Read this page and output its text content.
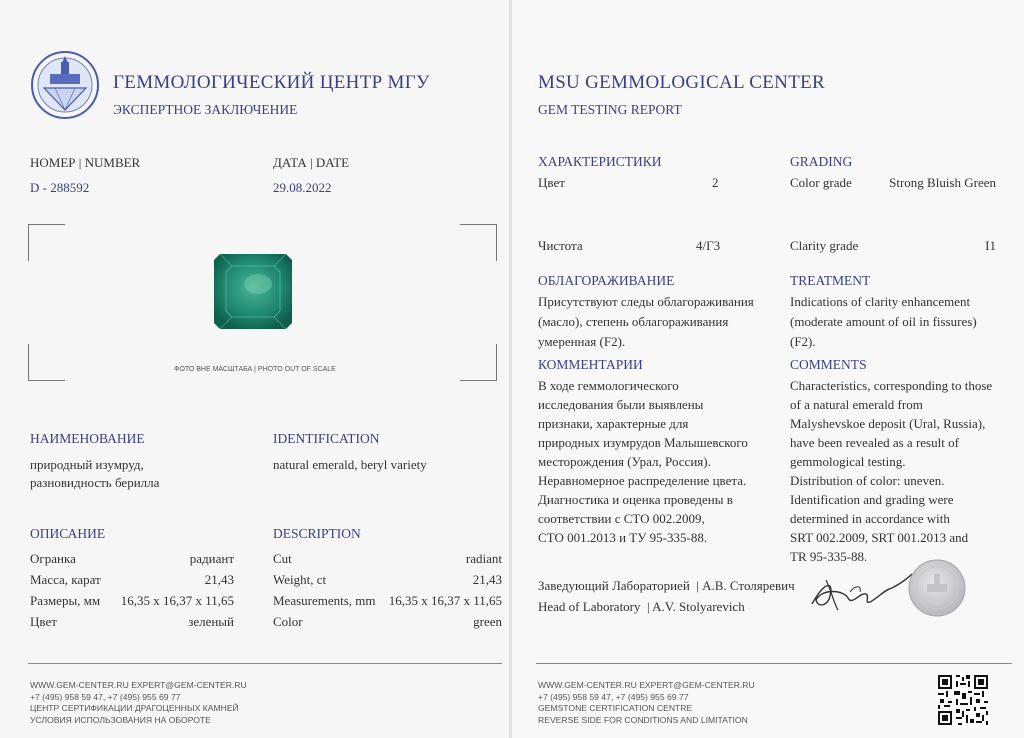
ГЕММОЛОГИЧЕСКИЙ ЦЕНТР МГУ
ЭКСПЕРТНОЕ ЗАКЛЮЧЕНИЕ
НОМЕР | NUMBER
D - 288592
ДАТА | DATE
29.08.2022
ФОТО ВНЕ МАСШТАБА | PHOTO OUT OF SCALE
НАИМЕНОВАНИЕ	IDENTIFICATION
природный изумруд,
разновидность берилла
natural emerald, beryl variety
ОПИСАНИЕ	DESCRIPTION
Огранка	радиант	Cut	radiant
Масса, карат	21,43	Weight, ct	21,43
Размеры, мм 16,35 x 16,37 x 11,65	Measurements, mm 16,35 x 16,37 x 11,65
Цвет	зеленый	Color	green
WWW.GEM-CENTER.RU EXPERT@GEM-CENTER.RU
+7 (495) 958 59 47, +7 (495) 955 69 77
ЦЕНТР СЕРТИФИКАЦИИ ДРАГОЦЕННЫХ КАМНЕЙ
УСЛОВИЯ ИСПОЛЬЗОВАНИЯ НА ОБОРОТЕ
MSU GEMMOLOGICAL CENTER
GEM TESTING REPORT
ХАРАКТЕРИСТИКИ	GRADING
Цвет	2	Color grade	Strong Bluish Green
Чистота	4/Г3	Clarity grade	I1
ОБЛАГОРАЖИВАНИЕ	TREATMENT
Присутствуют следы облагораживания
(масло), степень облагораживания
умеренная (F2).
Indications of clarity enhancement
(moderate amount of oil in fissures)
(F2).
КОММЕНТАРИИ	COMMENTS
В ходе геммологического
исследования были выявлены
признаки, характерные для
природных изумрудов Малышевского
месторождения (Урал, Россия).
Неравномерное распределение цвета.
Диагностика и оценка проведены в
соответствии с СТО 002.2009,
СТО 001.2013 и ТУ 95-335-88.
Characteristics, corresponding to those
of a natural emerald from
Malyshevskoe deposit (Ural, Russia),
have been revealed as a result of
gemmological testing.
Distribution of color: uneven.
Identification and grading were
determined in accordance with
SRT 002.2009, SRT 001.2013 and
TR 95-335-88.
Заведующий Лабораторией  | А.В. Столяревич
Head of Laboratory  | A.V. Stolyarevich
WWW.GEM-CENTER.RU EXPERT@GEM-CENTER.RU
+7 (495) 958 59 47, +7 (495) 955 69 77
GEMSTONE CERTIFICATION CENTRE
REVERSE SIDE FOR CONDITIONS AND LIMITATION
